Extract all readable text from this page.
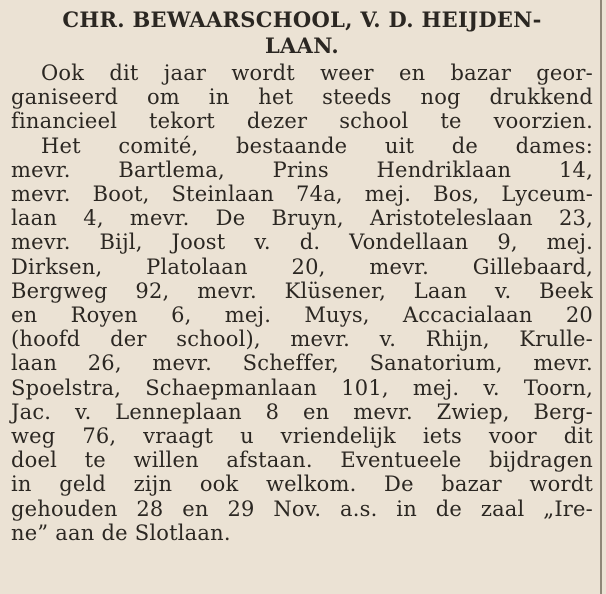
CHR. BEWAARSCHOOL, V. D. HEIJDEN-
LAAN.
Ook dit jaar wordt weer en bazar geor-
ganiseerd om in het steeds nog drukkend
financieel tekort dezer school te voorzien.
Het comité, bestaande uit de dames:
mevr. Bartlema, Prins Hendriklaan 14,
mevr. Boot, Steinlaan 74a, mej. Bos, Lyceum-
laan 4, mevr. De Bruyn, Aristoteleslaan 23,
mevr. Bijl, Joost v. d. Vondellaan 9, mej.
Dirksen, Platolaan 20, mevr. Gillebaard,
Bergweg 92, mevr. Klüsener, Laan v. Beek
en Royen 6, mej. Muys, Accacialaan 20
(hoofd der school), mevr. v. Rhijn, Krulle-
laan 26, mevr. Scheffer, Sanatorium, mevr.
Spoelstra, Schaepmanlaan 101, mej. v. Toorn,
Jac. v. Lenneplaan 8 en mevr. Zwiep, Berg-
weg 76, vraagt u vriendelijk iets voor dit
doel te willen afstaan. Eventueele bijdragen
in geld zijn ook welkom. De bazar wordt
gehouden 28 en 29 Nov. a.s. in de zaal „Ire-
ne” aan de Slotlaan.
